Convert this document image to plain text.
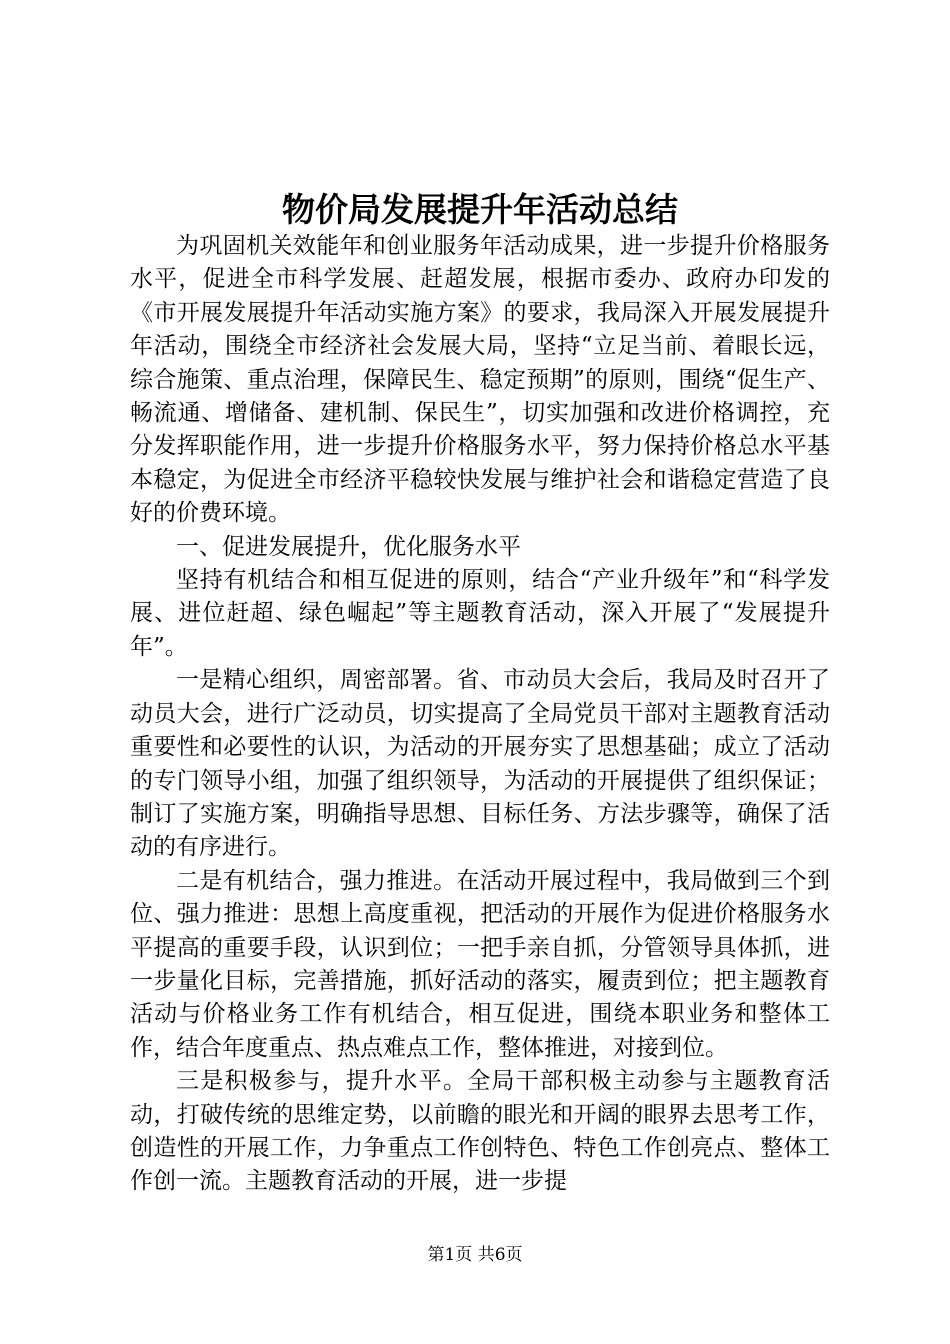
物价局发展提升年活动总结

为巩固机关效能年和创业服务年活动成果，进一步提升价格服务水平，促进全市科学发展、赶超发展，根据市委办、政府办印发的《市开展发展提升年活动实施方案》的要求，我局深入开展发展提升年活动，围绕全市经济社会发展大局，坚持“立足当前、着眼长远，综合施策、重点治理，保障民生、稳定预期”的原则，围绕“促生产、畅流通、增储备、建机制、保民生”，切实加强和改进价格调控，充分发挥职能作用，进一步提升价格服务水平，努力保持价格总水平基本稳定，为促进全市经济平稳较快发展与维护社会和谐稳定营造了良好的价费环境。

一、促进发展提升，优化服务水平

坚持有机结合和相互促进的原则，结合“产业升级年”和“科学发展、进位赶超、绿色崛起”等主题教育活动，深入开展了“发展提升年”。

一是精心组织，周密部署。省、市动员大会后，我局及时召开了动员大会，进行广泛动员，切实提高了全局党员干部对主题教育活动重要性和必要性的认识，为活动的开展夯实了思想基础；成立了活动的专门领导小组，加强了组织领导，为活动的开展提供了组织保证；制订了实施方案，明确指导思想、目标任务、方法步骤等，确保了活动的有序进行。

二是有机结合，强力推进。在活动开展过程中，我局做到三个到位、强力推进：思想上高度重视，把活动的开展作为促进价格服务水平提高的重要手段，认识到位；一把手亲自抓，分管领导具体抓，进一步量化目标，完善措施，抓好活动的落实，履责到位；把主题教育活动与价格业务工作有机结合，相互促进，围绕本职业务和整体工作，结合年度重点、热点难点工作，整体推进，对接到位。

三是积极参与，提升水平。全局干部积极主动参与主题教育活动，打破传统的思维定势，以前瞻的眼光和开阔的眼界去思考工作，创造性的开展工作，力争重点工作创特色、特色工作创亮点、整体工作创一流。主题教育活动的开展，进一步提

第1页 共6页
